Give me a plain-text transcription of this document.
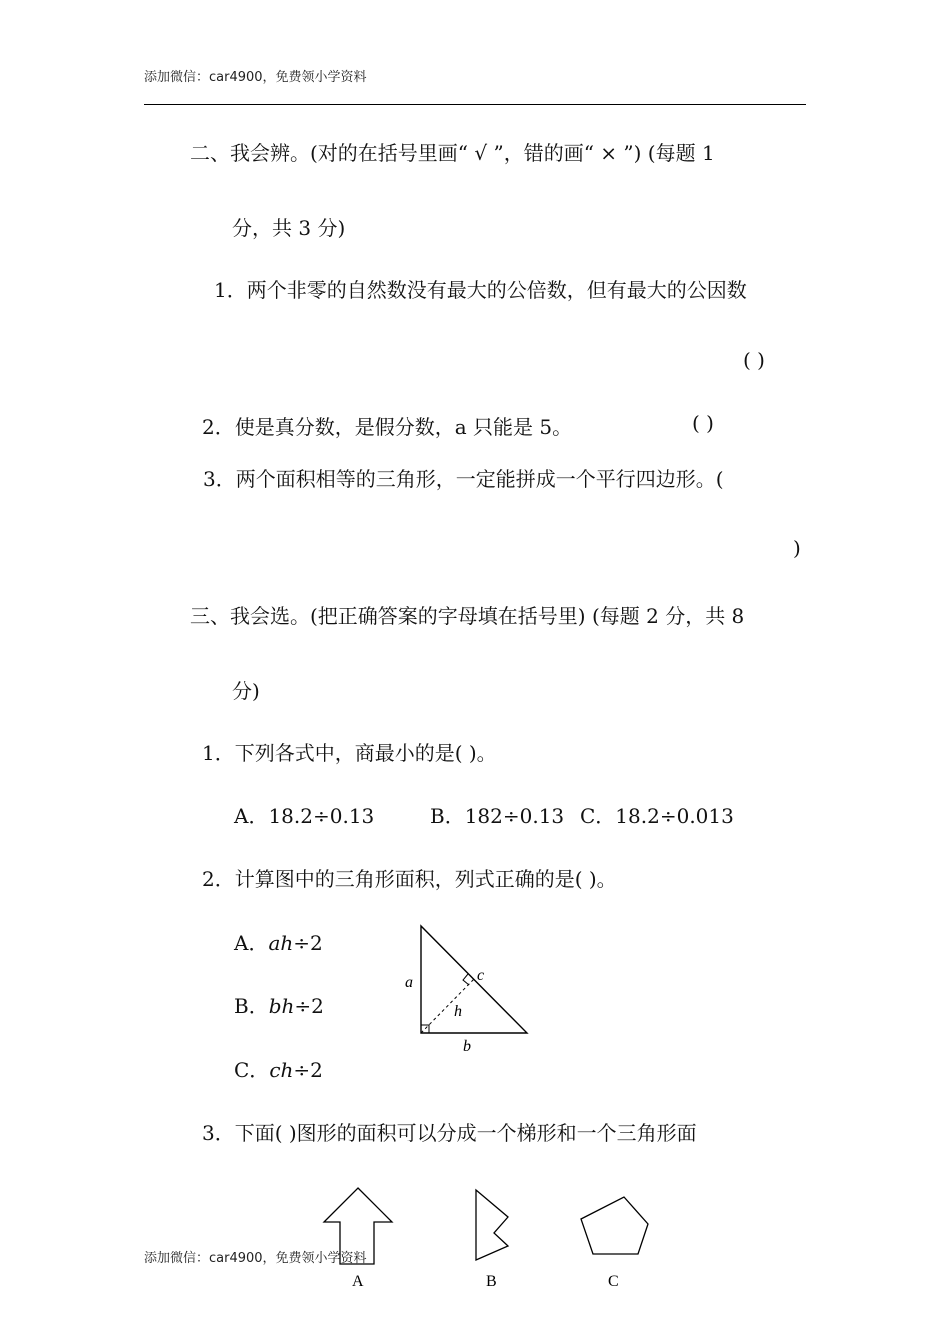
添加微信：car4900，免费领小学资料
二、我会辨。(对的在括号里画“ √ ”，错的画“ × ”) (每题 1
分，共 3 分)
1．两个非零的自然数没有最大的公倍数，但有最大的公因数
( )
2．使是真分数，是假分数，a 只能是 5。	( )
3．两个面积相等的三角形，一定能拼成一个平行四边形。(
)
三、我会选。(把正确答案的字母填在括号里) (每题 2 分，共 8
分)
1．下列各式中，商最小的是( )。
A．18.2÷0.13	B．182÷0.13 C．18.2÷0.013
2．计算图中的三角形面积，列式正确的是( )。
A．ah÷2
B．bh÷2
C．ch÷2
a	c
h
b
3．下面( )图形的面积可以分成一个梯形和一个三角形面
A	B	C
添加微信：car4900，免费领小学资料
